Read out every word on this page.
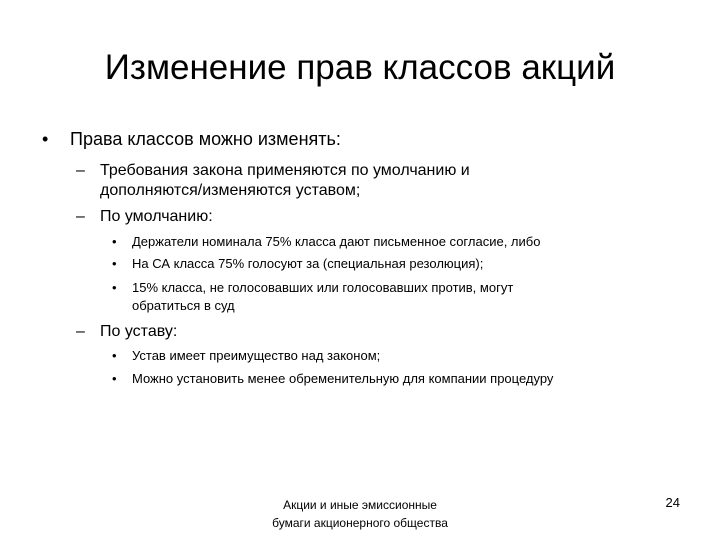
Изменение прав классов акций
• Права классов можно изменять:
– Требования закона применяются по умолчанию и
дополняются/изменяются уставом;
– По умолчанию:
• Держатели номинала 75% класса дают письменное согласие, либо
• На СА класса 75% голосуют за (специальная резолюция);
• 15% класса, не голосовавших или голосовавших против, могут
обратиться в суд
– По уставу:
• Устав имеет преимущество над законом;
• Можно установить менее обременительную для компании процедуру
Акции и иные эмиссионные
бумаги акционерного общества
24
